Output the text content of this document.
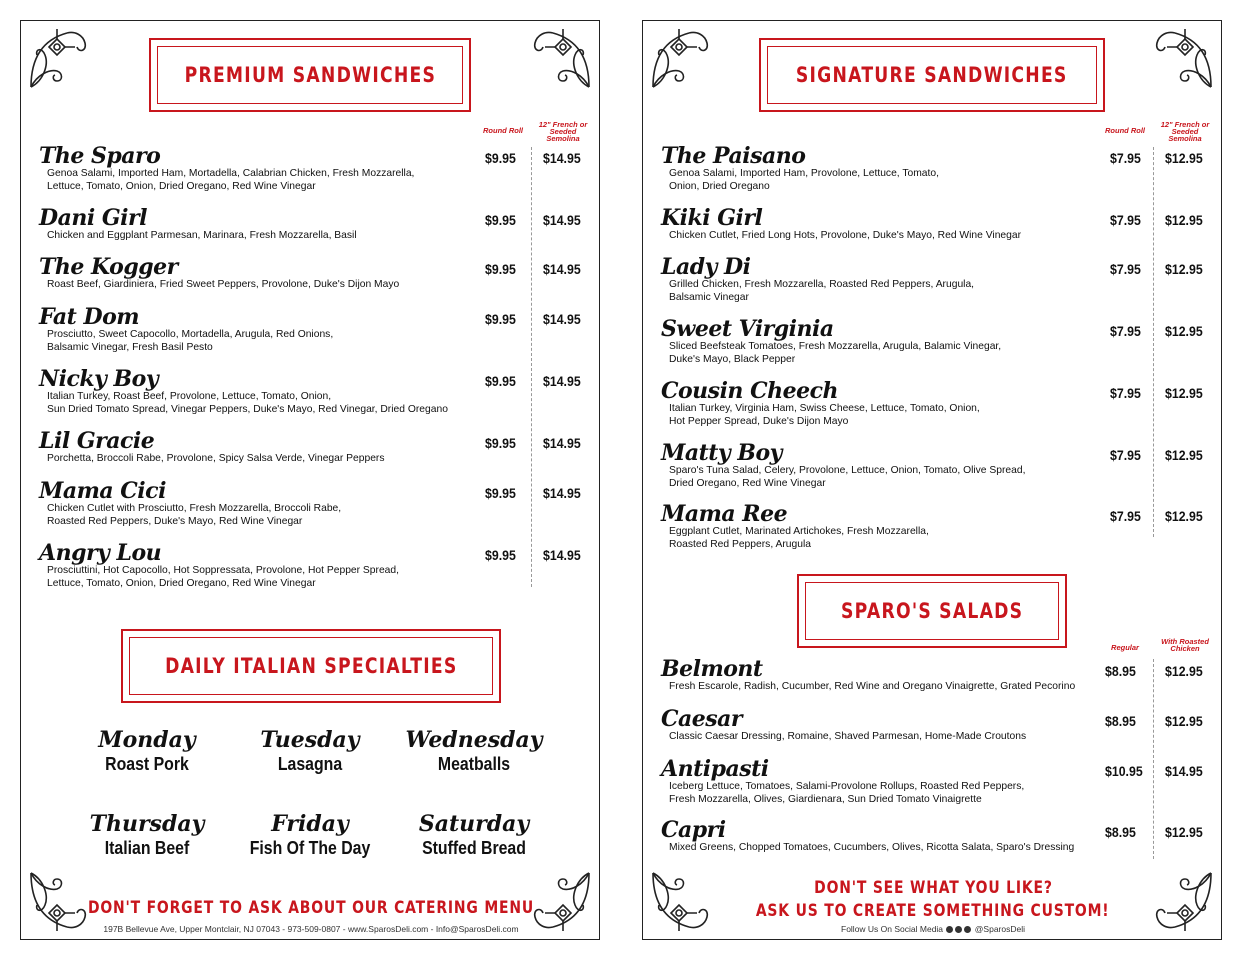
PREMIUM SANDWICHES
Round Roll
12" French or Seeded Semolina
The Sparo
Genoa Salami, Imported Ham, Mortadella, Calabrian Chicken, Fresh Mozzarella,
Lettuce, Tomato, Onion, Dried Oregano, Red Wine Vinegar
$9.95 $14.95
Dani Girl
Chicken and Eggplant Parmesan, Marinara, Fresh Mozzarella, Basil
$9.95 $14.95
The Kogger
Roast Beef, Giardiniera, Fried Sweet Peppers, Provolone, Duke's Dijon Mayo
$9.95 $14.95
Fat Dom
Prosciutto, Sweet Capocollo, Mortadella, Arugula, Red Onions,
Balsamic Vinegar, Fresh Basil Pesto
$9.95 $14.95
Nicky Boy
Italian Turkey, Roast Beef, Provolone, Lettuce, Tomato, Onion,
Sun Dried Tomato Spread, Vinegar Peppers, Duke's Mayo, Red Vinegar, Dried Oregano
$9.95 $14.95
Lil Gracie
Porchetta, Broccoli Rabe, Provolone, Spicy Salsa Verde, Vinegar Peppers
$9.95 $14.95
Mama Cici
Chicken Cutlet with Prosciutto, Fresh Mozzarella, Broccoli Rabe,
Roasted Red Peppers, Duke's Mayo, Red Wine Vinegar
$9.95 $14.95
Angry Lou
Prosciuttini, Hot Capocollo, Hot Soppressata, Provolone, Hot Pepper Spread,
Lettuce, Tomato, Onion, Dried Oregano, Red Wine Vinegar
$9.95 $14.95
DAILY ITALIAN SPECIALTIES
Monday
Roast Pork
Tuesday
Lasagna
Wednesday
Meatballs
Thursday
Italian Beef
Friday
Fish Of The Day
Saturday
Stuffed Bread
DON'T FORGET TO ASK ABOUT OUR CATERING MENU
197B Bellevue Ave, Upper Montclair, NJ 07043 - 973-509-0807 - www.SparosDeli.com - Info@SparosDeli.com
SIGNATURE SANDWICHES
Round Roll
12" French or Seeded Semolina
The Paisano
Genoa Salami, Imported Ham, Provolone, Lettuce, Tomato,
Onion, Dried Oregano
$7.95 $12.95
Kiki Girl
Chicken Cutlet, Fried Long Hots, Provolone, Duke's Mayo, Red Wine Vinegar
$7.95 $12.95
Lady Di
Grilled Chicken, Fresh Mozzarella, Roasted Red Peppers, Arugula,
Balsamic Vinegar
$7.95 $12.95
Sweet Virginia
Sliced Beefsteak Tomatoes, Fresh Mozzarella, Arugula, Balamic Vinegar,
Duke's Mayo, Black Pepper
$7.95 $12.95
Cousin Cheech
Italian Turkey, Virginia Ham, Swiss Cheese, Lettuce, Tomato, Onion,
Hot Pepper Spread, Duke's Dijon Mayo
$7.95 $12.95
Matty Boy
Sparo's Tuna Salad, Celery, Provolone, Lettuce, Onion, Tomato, Olive Spread,
Dried Oregano, Red Wine Vinegar
$7.95 $12.95
Mama Ree
Eggplant Cutlet, Marinated Artichokes, Fresh Mozzarella,
Roasted Red Peppers, Arugula
$7.95 $12.95
SPARO'S SALADS
Regular
With Roasted Chicken
Belmont
Fresh Escarole, Radish, Cucumber, Red Wine and Oregano Vinaigrette, Grated Pecorino
$8.95 $12.95
Caesar
Classic Caesar Dressing, Romaine, Shaved Parmesan, Home-Made Croutons
$8.95 $12.95
Antipasti
Iceberg Lettuce, Tomatoes, Salami-Provolone Rollups, Roasted Red Peppers,
Fresh Mozzarella, Olives, Giardienara, Sun Dried Tomato Vinaigrette
$10.95 $14.95
Capri
Mixed Greens, Chopped Tomatoes, Cucumbers, Olives, Ricotta Salata, Sparo's Dressing
$8.95 $12.95
DON'T SEE WHAT YOU LIKE?
ASK US TO CREATE SOMETHING CUSTOM!
Follow Us On Social Media	@SparosDeli
